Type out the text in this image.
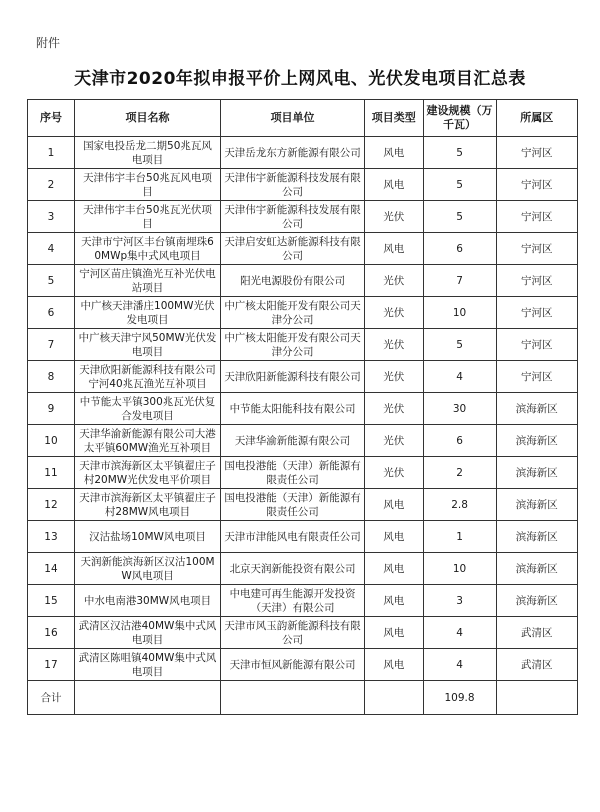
附件
天津市2020年拟申报平价上网风电、光伏发电项目汇总表
序号	项目名称	项目单位	项目类型	建设规模（万千瓦）	所属区
1	国家电投岳龙二期50兆瓦风电项目	天津岳龙东方新能源有限公司	风电	5	宁河区
2	天津伟宇丰台50兆瓦风电项目	天津伟宇新能源科技发展有限公司	风电	5	宁河区
3	天津伟宇丰台50兆瓦光伏项目	天津伟宇新能源科技发展有限公司	光伏	5	宁河区
4	天津市宁河区丰台镇南埋珠60MWp集中式风电项目	天津启安虹达新能源科技有限公司	风电	6	宁河区
5	宁河区苗庄镇渔光互补光伏电站项目	阳光电源股份有限公司	光伏	7	宁河区
6	中广核天津潘庄100MW光伏发电项目	中广核太阳能开发有限公司天津分公司	光伏	10	宁河区
7	中广核天津宁风50MW光伏发电项目	中广核太阳能开发有限公司天津分公司	光伏	5	宁河区
8	天津欣阳新能源科技有限公司宁河40兆瓦渔光互补项目	天津欣阳新能源科技有限公司	光伏	4	宁河区
9	中节能太平镇300兆瓦光伏复合发电项目	中节能太阳能科技有限公司	光伏	30	滨海新区
10	天津华渝新能源有限公司大港太平镇60MW渔光互补项目	天津华渝新能源有限公司	光伏	6	滨海新区
11	天津市滨海新区太平镇翟庄子村20MW光伏发电平价项目	国电投港能（天津）新能源有限责任公司	光伏	2	滨海新区
12	天津市滨海新区太平镇翟庄子村28MW风电项目	国电投港能（天津）新能源有限责任公司	风电	2.8	滨海新区
13	汉沽盐场10MW风电项目	天津市津能风电有限责任公司	风电	1	滨海新区
14	天润新能滨海新区汉沽100MW风电项目	北京天润新能投资有限公司	风电	10	滨海新区
15	中水电南港30MW风电项目	中电建可再生能源开发投资（天津）有限公司	风电	3	滨海新区
16	武清区汉沽港40MW集中式风电项目	天津市风玉韵新能源科技有限公司	风电	4	武清区
17	武清区陈咀镇40MW集中式风电项目	天津市恒风新能源有限公司	风电	4	武清区
合计				109.8	
